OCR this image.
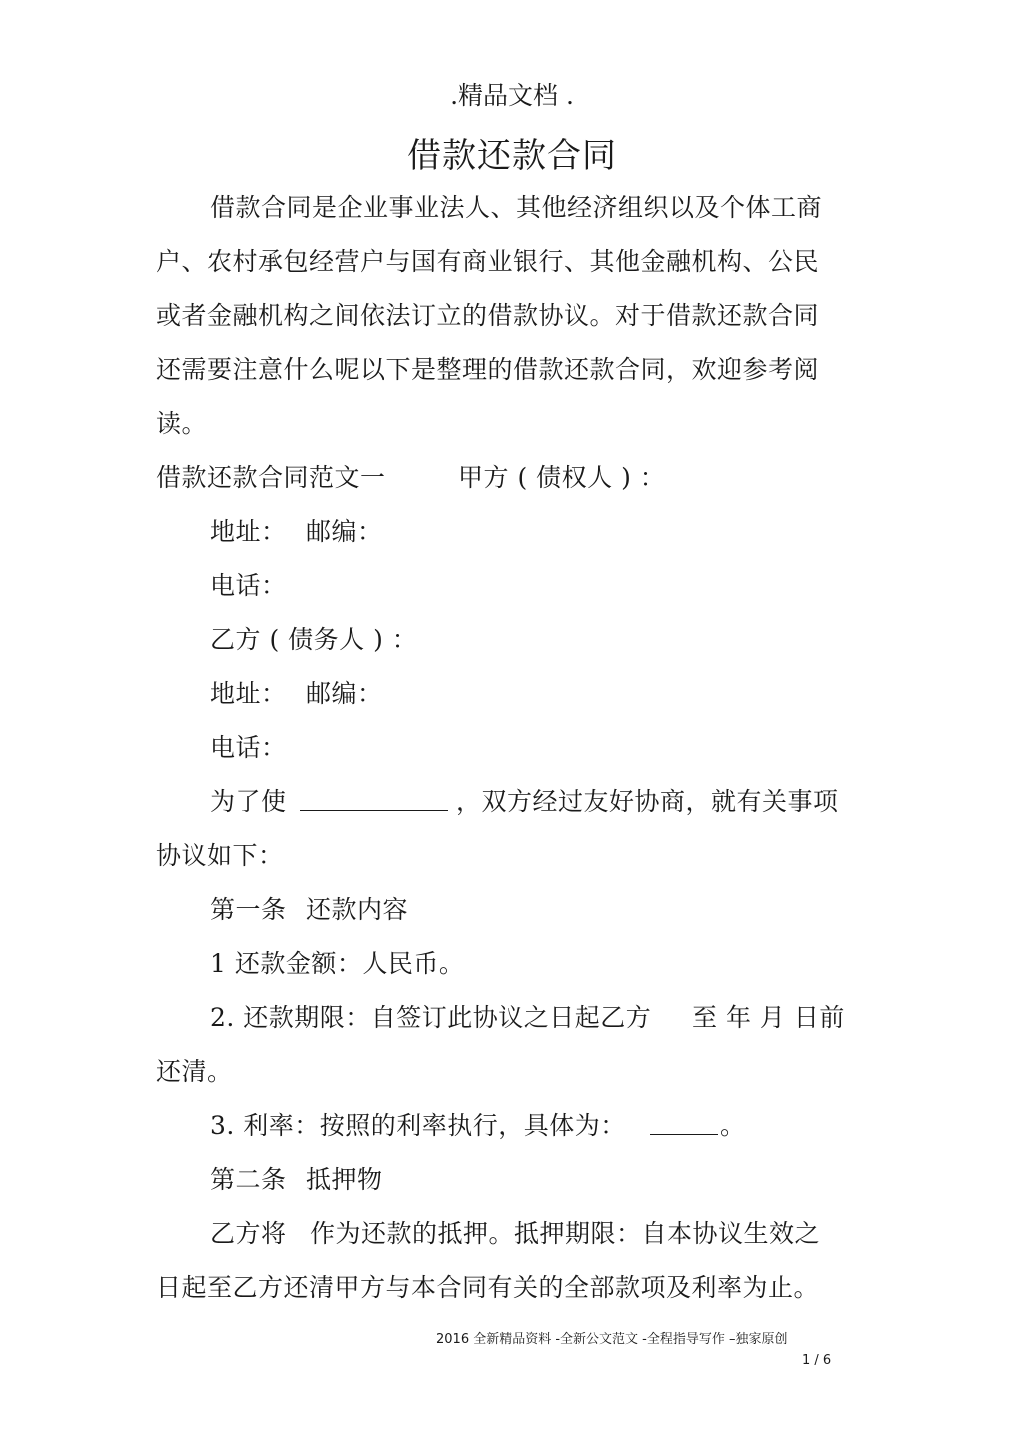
.精品文档 .
借款还款合同
借款合同是企业事业法人、其他经济组织以及个体工商
户、农村承包经营户与国有商业银行、其他金融机构、公民
或者金融机构之间依法订立的借款协议。对于借款还款合同
还需要注意什么呢以下是整理的借款还款合同，欢迎参考阅
读。
借款还款合同范文一	甲方 ( 债权人 ) ：
地址： 邮编：
电话：
乙方 ( 债务人 ) ：
地址： 邮编：
电话：
为了使	，双方经过友好协商，就有关事项
协议如下：
第一条 还款内容
1 还款金额：人民币。
2. 还款期限：自签订此协议之日起乙方 至 年 月 日前
还清。
3. 利率：按照的利率执行，具体为：	。
第二条 抵押物
乙方将 作为还款的抵押。抵押期限：自本协议生效之
日起至乙方还清甲方与本合同有关的全部款项及利率为止。
2016 全新精品资料 -全新公文范文 -全程指导写作 –独家原创
1 / 6
